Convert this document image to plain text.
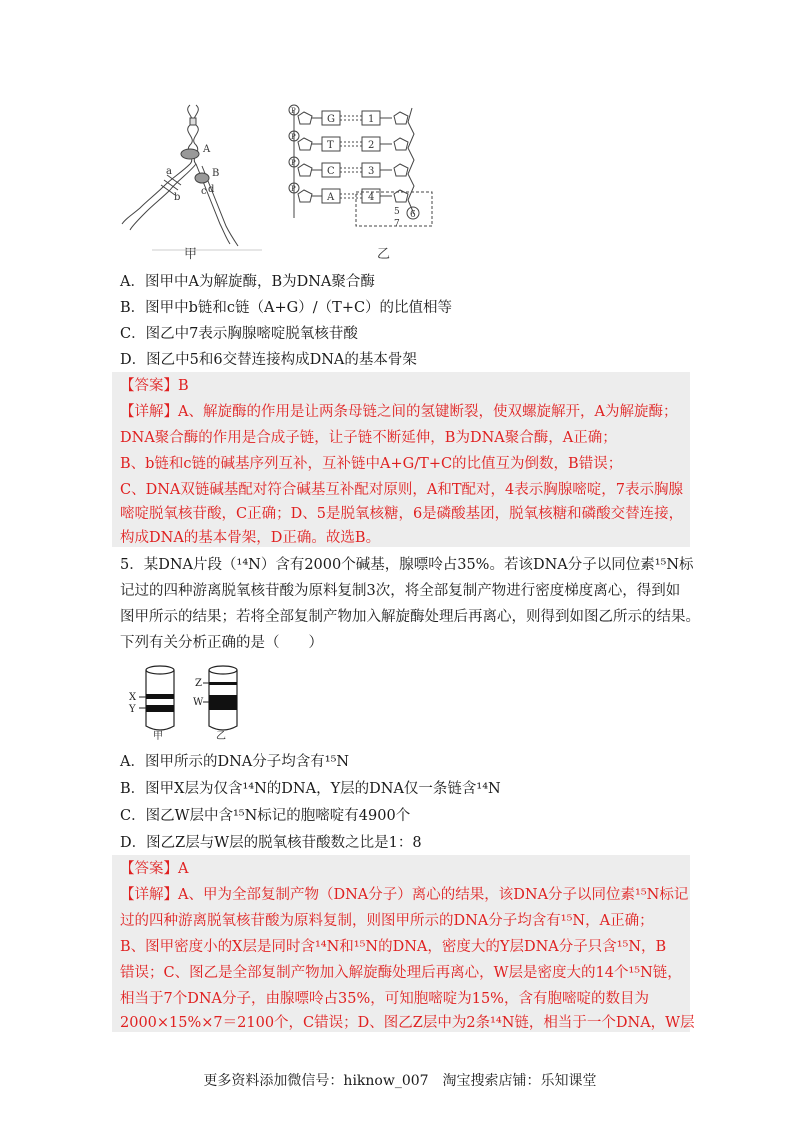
A
B
a
b
c d
P
G	1
P
T	2
P
C	3
P
A	4
5
7
6
甲	乙
A．图甲中A为解旋酶，B为DNA聚合酶
B．图甲中b链和c链（A+G）/（T+C）的比值相等
C．图乙中7表示胸腺嘧啶脱氧核苷酸
D．图乙中5和6交替连接构成DNA的基本骨架
【答案】B
【详解】A、解旋酶的作用是让两条母链之间的氢键断裂，使双螺旋解开，A为解旋酶；
DNA聚合酶的作用是合成子链，让子链不断延伸，B为DNA聚合酶，A正确；
B、b链和c链的碱基序列互补，互补链中A+G/T+C的比值互为倒数，B错误；
C、DNA双链碱基配对符合碱基互补配对原则，A和T配对，4表示胸腺嘧啶，7表示胸腺
嘧啶脱氧核苷酸，C正确；D、5是脱氧核糖，6是磷酸基团，脱氧核糖和磷酸交替连接，
构成DNA的基本骨架，D正确。故选B。
5．某DNA片段（¹⁴N）含有2000个碱基，腺嘌呤占35%。若该DNA分子以同位素¹⁵N标
记过的四种游离脱氧核苷酸为原料复制3次，将全部复制产物进行密度梯度离心，得到如
图甲所示的结果；若将全部复制产物加入解旋酶处理后再离心，则得到如图乙所示的结果。
下列有关分析正确的是（　　）
X
Y
Z
W
甲	乙
A．图甲所示的DNA分子均含有¹⁵N
B．图甲X层为仅含¹⁴N的DNA，Y层的DNA仅一条链含¹⁴N
C．图乙W层中含¹⁵N标记的胞嘧啶有4900个
D．图乙Z层与W层的脱氧核苷酸数之比是1：8
【答案】A
【详解】A、甲为全部复制产物（DNA分子）离心的结果，该DNA分子以同位素¹⁵N标记
过的四种游离脱氧核苷酸为原料复制，则图甲所示的DNA分子均含有¹⁵N，A正确；
B、图甲密度小的X层是同时含¹⁴N和¹⁵N的DNA，密度大的Y层DNA分子只含¹⁵N，B
错误；C、图乙是全部复制产物加入解旋酶处理后再离心，W层是密度大的14个¹⁵N链，
相当于7个DNA分子，由腺嘌呤占35%，可知胞嘧啶为15%，含有胞嘧啶的数目为
2000×15%×7＝2100个，C错误；D、图乙Z层中为2条¹⁴N链，相当于一个DNA，W层
更多资料添加微信号：hiknow_007　淘宝搜索店铺：乐知课堂
